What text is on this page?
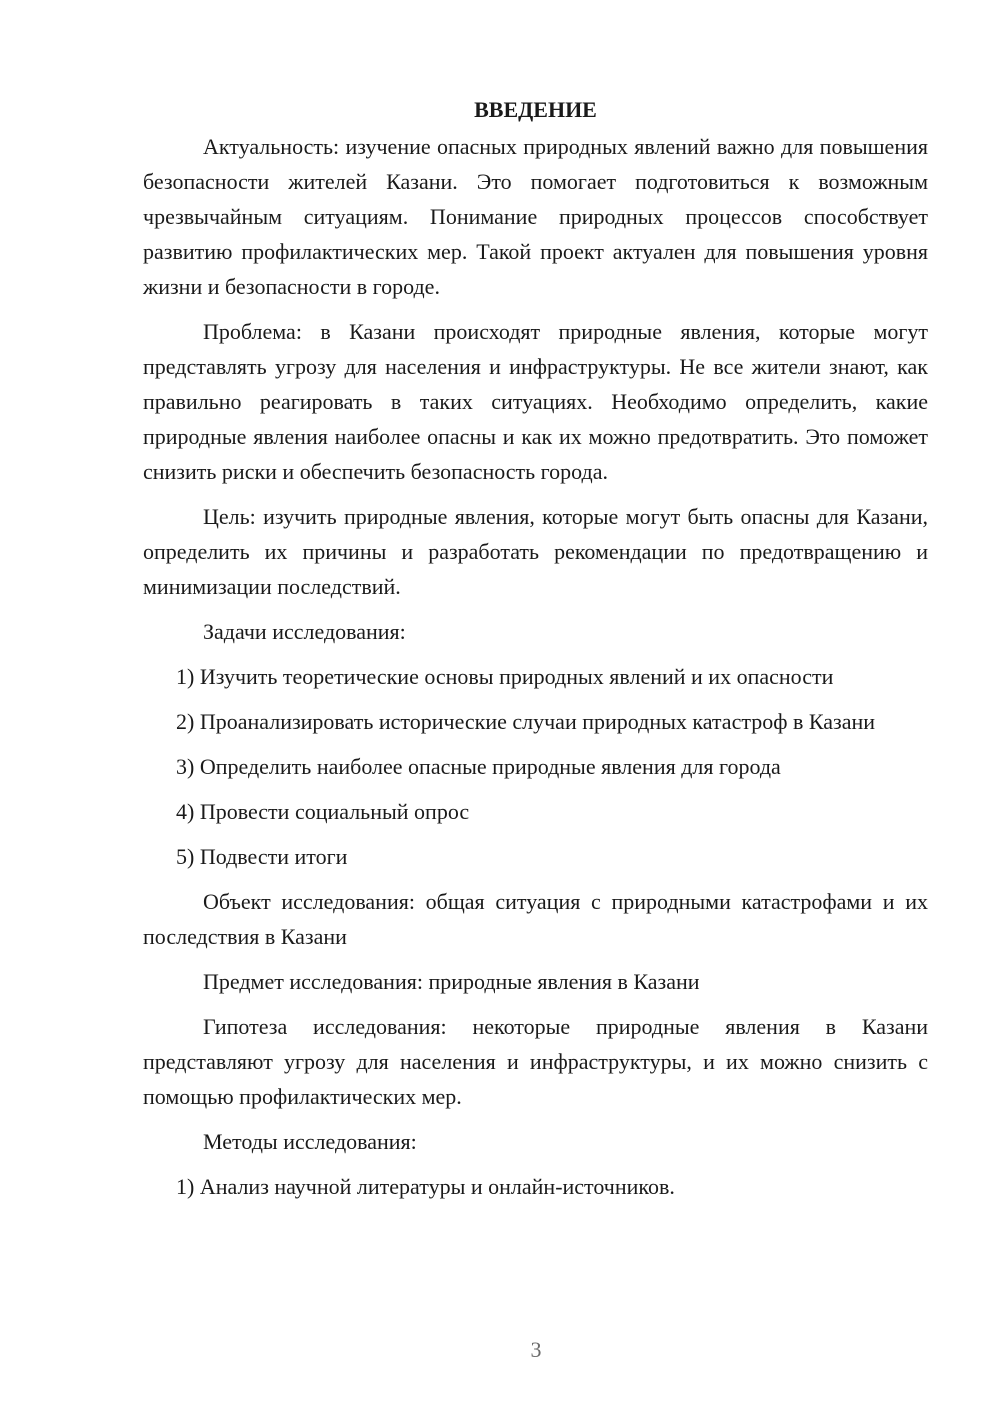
ВВЕДЕНИЕ

Актуальность: изучение опасных природных явлений важно для повышения безопасности жителей Казани. Это помогает подготовиться к возможным чрезвычайным ситуациям. Понимание природных процессов способствует развитию профилактических мер. Такой проект актуален для повышения уровня жизни и безопасности в городе.

Проблема: в Казани происходят природные явления, которые могут представлять угрозу для населения и инфраструктуры. Не все жители знают, как правильно реагировать в таких ситуациях. Необходимо определить, какие природные явления наиболее опасны и как их можно предотвратить. Это поможет снизить риски и обеспечить безопасность города.

Цель: изучить природные явления, которые могут быть опасны для Казани, определить их причины и разработать рекомендации по предотвращению и минимизации последствий.

Задачи исследования:

1) Изучить теоретические основы природных явлений и их опасности

2) Проанализировать исторические случаи природных катастроф в Казани

3) Определить наиболее опасные природные явления для города

4) Провести социальный опрос

5) Подвести итоги

Объект исследования: общая ситуация с природными катастрофами и их последствия в Казани

Предмет исследования: природные явления в Казани

Гипотеза исследования: некоторые природные явления в Казани представляют угрозу для населения и инфраструктуры, и их можно снизить с помощью профилактических мер.

Методы исследования:

1) Анализ научной литературы и онлайн-источников.

3
